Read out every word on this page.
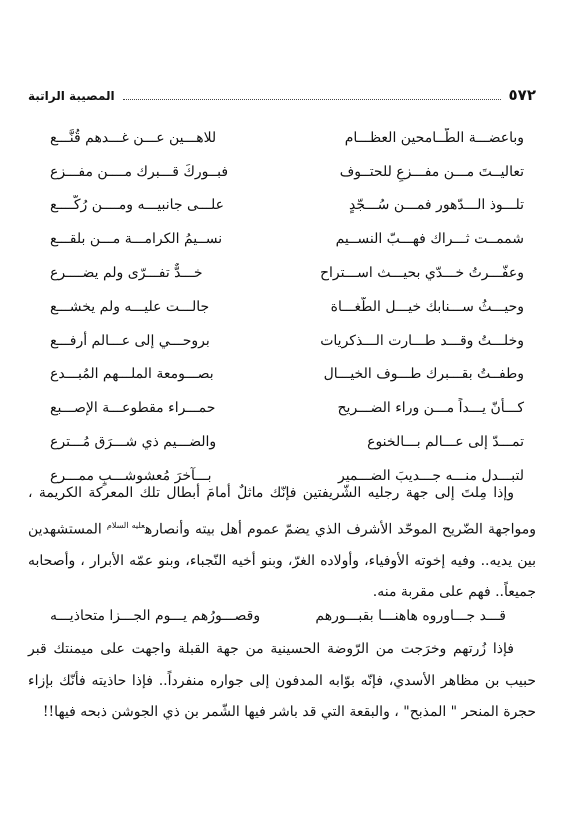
٥٧٢
المصيبة الراتبة
وباعضـــة الطّــامحين العظـــام
للاهـــين عـــن غـــدهم قُنَّـــع
تعاليــتَ مـــن مفـــزعٍ للحتــوف
فبــوركَ قـــبرك مــــن مفـــزع
تلـــوذ الـــدّهور فمـــن سُـــجّدٍ
علـــى جانبيـــه ومــــن رُكّــــع
شممــت ثـــراك فهـــبّ النســيم
نســيمُ الكرامـــة مـــن بلقـــع
وعفّـــرتُ خـــدّي بحيـــث اســـتراح
خـــدٌّ تفـــرّى ولم يضــــرع
وحيـــثُ ســـنابك خيـــل الطّغـــاة
جالـــت عليـــه ولم يخشـــع
وخلـــتُ وقـــد طـــارت الـــذكريات
بروحـــي إلى عـــالم أرفـــع
وطفــتُ بقـــبرك طـــوف الخيـــال
بصـــومعة الملـــهم المُبـــدع
كـــأنّ يـــداً مـــن وراء الضـــريح
حمـــراء مقطوعـــة الإصـــبع
تمـــدّ إلى عـــالم بـــالخنوع
والضـــيم ذي شـــرَق مُـــترع
لتبـــدل منـــه جـــديبَ الضـــمير
بـــآخرَ مُعشوشـــبٍ ممـــرع

وإذا مِلتَ إلى جهة رجليه الشّريفتين فإنّك ماثلٌ أمامَ أبطال تلك المعركة الكريمة ، ومواجهة الضّريح الموحّد الأشرف الذي يضمّ عموم أهل بيته وأنصاره$^{عليه السلام}$ المستشهدين بين يديه.. وفيه إخوته الأوفياء، وأولاده الغرّ، وبنو أخيه النّجباء، وبنو عمّه الأبرار ، وأصحابه جميعاً.. فهم على مقربة منه.

قـــد جـــاوروه هاهنـــا بقبـــورهم
وقصـــورُهم يـــوم الجـــزا متحاذيـــه

فإذا زُرتهم وخرَجت من الرّوضة الحسينية من جهة القبلة واجهت على ميمنتك قبر حبيب بن مظاهر الأسدي، فإنّه بوّابه المدفون إلى جواره منفرداً.. فإذا حاذيته فأنّك بإزاء حجرة المنحر " المذبح" ، والبقعة التي قد باشر فيها الشّمر بن ذي الجوشن ذبحه فيها!!
